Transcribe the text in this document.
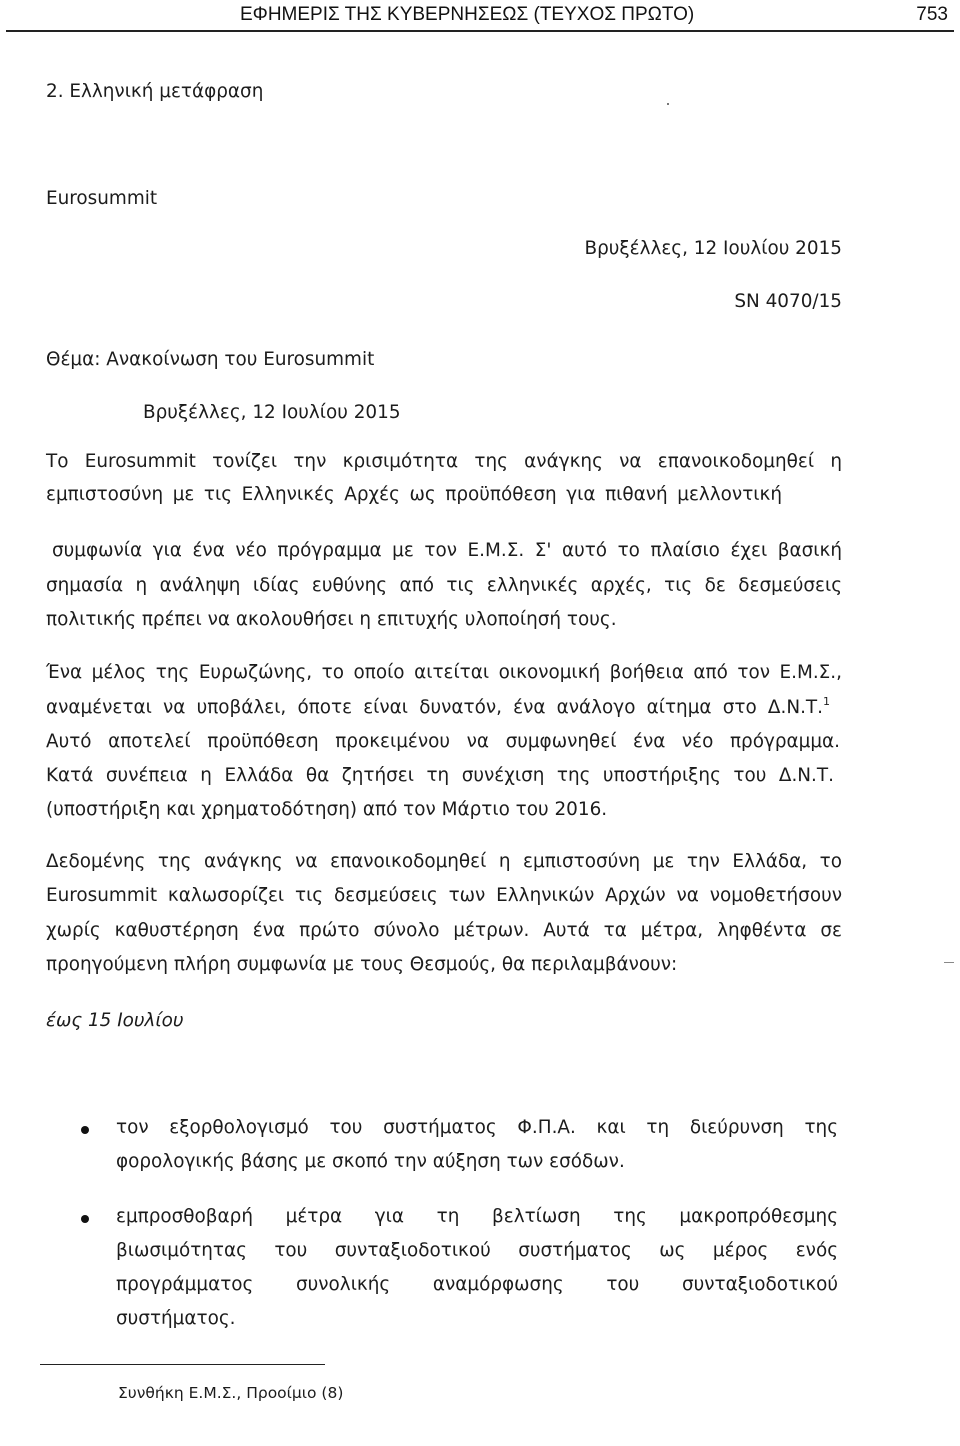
ΕΦΗΜΕΡΙΣ ΤΗΣ ΚΥΒΕΡΝΗΣΕΩΣ (ΤΕΥΧΟΣ ΠΡΩΤΟ)	753
2. Ελληνική μετάφραση
Eurosummit
Βρυξέλλες, 12 Ιουλίου 2015
SN 4070/15
Θέμα: Ανακοίνωση του Eurosummit
Βρυξέλλες, 12 Ιουλίου 2015
Το Eurosummit τονίζει την κρισιμότητα της ανάγκης να επανοικοδομηθεί η
εμπιστοσύνη με τις Ελληνικές Αρχές ως προϋπόθεση για πιθανή μελλοντική
συμφωνία για ένα νέο πρόγραμμα με τον Ε.Μ.Σ. Σ' αυτό το πλαίσιο έχει βασική
σημασία η ανάληψη ιδίας ευθύνης από τις ελληνικές αρχές, τις δε δεσμεύσεις
πολιτικής πρέπει να ακολουθήσει η επιτυχής υλοποίησή τους.
Ένα μέλος της Ευρωζώνης, το οποίο αιτείται οικονομική βοήθεια από τον Ε.Μ.Σ.,
αναμένεται να υποβάλει, όποτε είναι δυνατόν, ένα ανάλογο αίτημα στο Δ.Ν.Τ.$^1$
Αυτό αποτελεί προϋπόθεση προκειμένου να συμφωνηθεί ένα νέο πρόγραμμα.
Κατά συνέπεια η Ελλάδα θα ζητήσει τη συνέχιση της υποστήριξης του Δ.Ν.Τ.
(υποστήριξη και χρηματοδότηση) από τον Μάρτιο του 2016.
Δεδομένης της ανάγκης να επανοικοδομηθεί η εμπιστοσύνη με την Ελλάδα, το
Eurosummit καλωσορίζει τις δεσμεύσεις των Ελληνικών Αρχών να νομοθετήσουν
χωρίς καθυστέρηση ένα πρώτο σύνολο μέτρων. Αυτά τα μέτρα, ληφθέντα σε
προηγούμενη πλήρη συμφωνία με τους Θεσμούς, θα περιλαμβάνουν:
έως 15 Ιουλίου
τον εξορθολογισμό του συστήματος Φ.Π.Α. και τη διεύρυνση της
φορολογικής βάσης με σκοπό την αύξηση των εσόδων.
εμπροσθοβαρή μέτρα για τη βελτίωση της μακροπρόθεσμης
βιωσιμότητας του συνταξιοδοτικού συστήματος ως μέρος ενός
προγράμματος συνολικής αναμόρφωσης του συνταξιοδοτικού
συστήματος.
Συνθήκη Ε.Μ.Σ., Προοίμιο (8)
